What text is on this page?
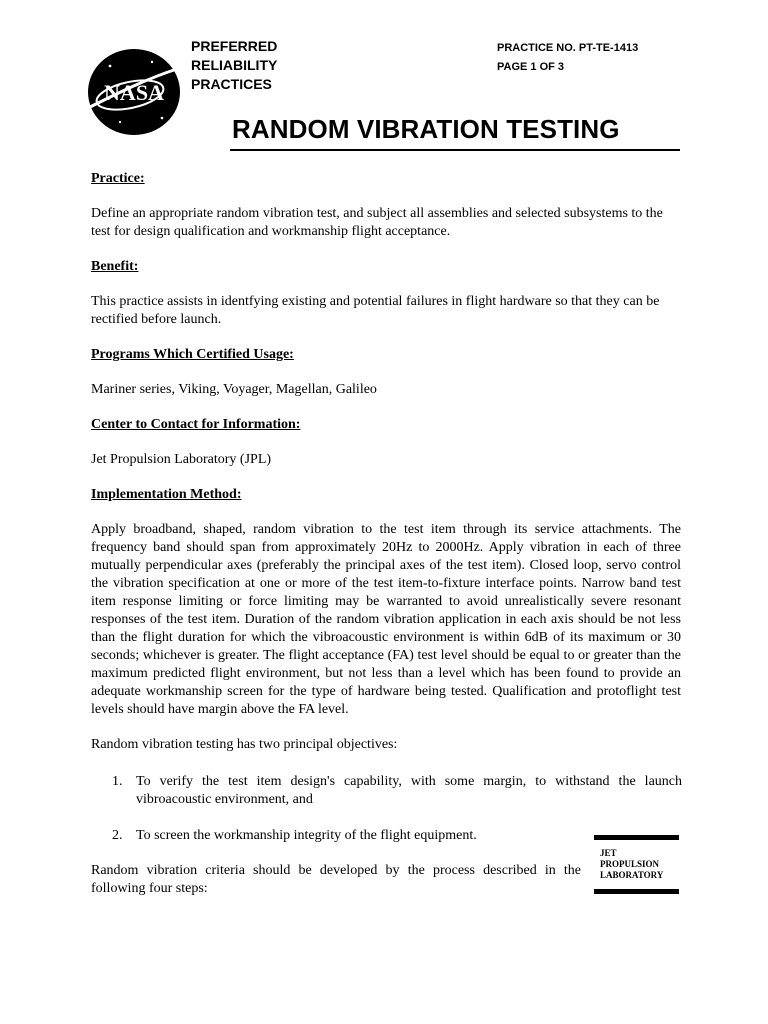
NASA
PREFERRED
RELIABILITY
PRACTICES
PRACTICE NO. PT-TE-1413
PAGE 1 OF 3
RANDOM VIBRATION TESTING

Practice:

Define an appropriate random vibration test, and subject all assemblies and selected subsystems to the test for design qualification and workmanship flight acceptance.

Benefit:

This practice assists in identfying existing and potential failures in flight hardware so that they can be rectified before launch.

Programs Which Certified Usage:

Mariner series, Viking, Voyager, Magellan, Galileo

Center to Contact for Information:

Jet Propulsion Laboratory (JPL)

Implementation Method:

Apply broadband, shaped, random vibration to the test item through its service attachments. The frequency band should span from approximately 20Hz to 2000Hz. Apply vibration in each of three mutually perpendicular axes (preferably the principal axes of the test item). Closed loop, servo control the vibration specification at one or more of the test item-to-fixture interface points. Narrow band test item response limiting or force limiting may be warranted to avoid unrealistically severe resonant responses of the test item. Duration of the random vibration application in each axis should be not less than the flight duration for which the vibroacoustic environment is within 6dB of its maximum or 30 seconds; whichever is greater. The flight acceptance (FA) test level should be equal to or greater than the maximum predicted flight environment, but not less than a level which has been found to provide an adequate workmanship screen for the type of hardware being tested. Qualification and protoflight test levels should have margin above the FA level.

Random vibration testing has two principal objectives:

1. To verify the test item design's capability, with some margin, to withstand the launch vibroacoustic environment, and
2. To screen the workmanship integrity of the flight equipment.
Random vibration criteria should be developed by the process described in the following four steps:
JET
PROPULSION
LABORATORY
